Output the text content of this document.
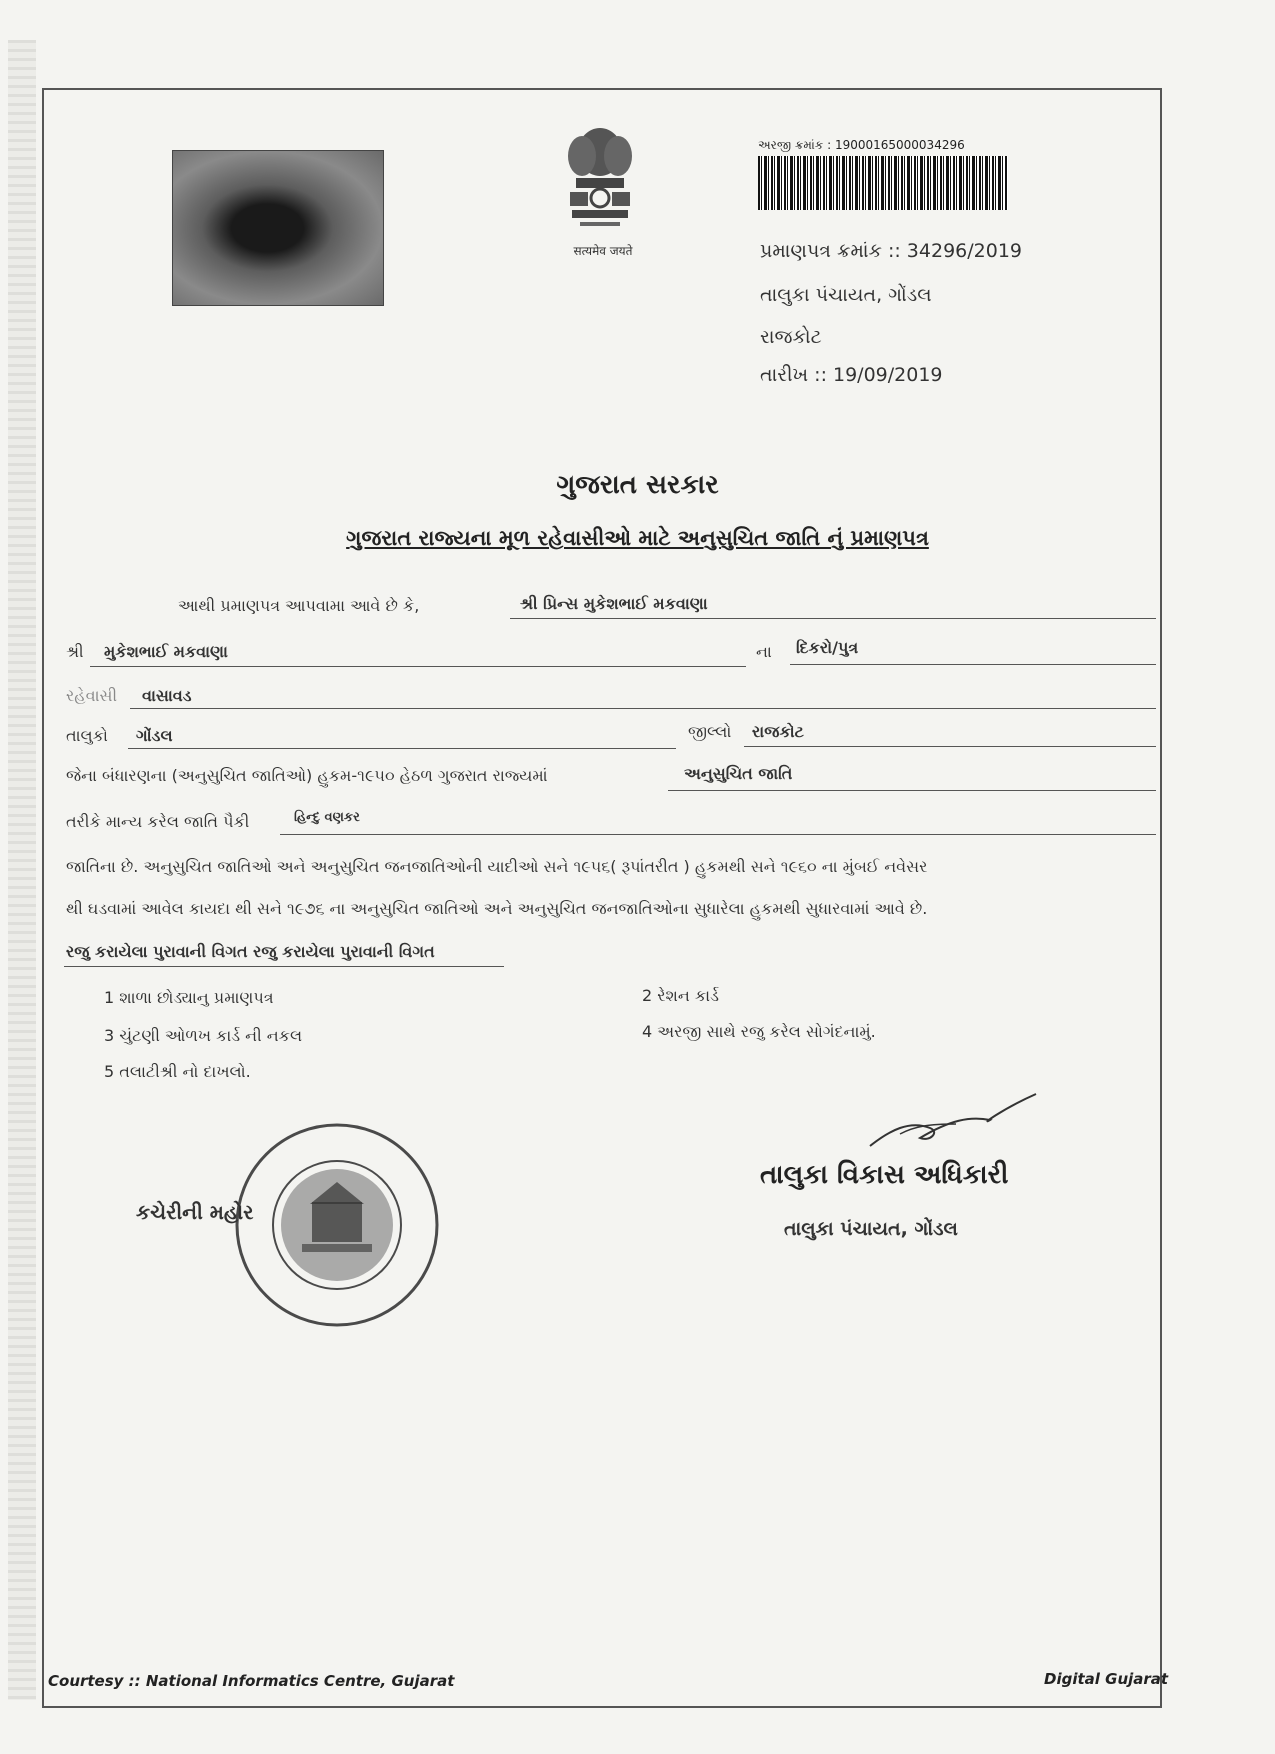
सत्यमेव जयते
અરજી ક્રમાંક : 19000165000034296
પ્રમાણપત્ર ક્રમાંક :: 34296/2019
તાલુકા પંચાયત, ગોંડલ
રાજકોટ
તારીખ :: 19/09/2019
ગુજરાત સરકાર
ગુજરાત રાજ્યના મૂળ રહેવાસીઓ માટે અનુસુચિત જાતિ નું પ્રમાણપત્ર
આથી પ્રમાણપત્ર આપવામા આવે છે કે,	શ્રી પ્રિન્સ મુકેશભાઈ મકવાણા
શ્રી મુકેશભાઈ મકવાણા	ના દિકરો/પુત્ર
રહેવાસી વાસાવડ
તાલુકો ગોંડલ	જીલ્લો રાજકોટ
જેના બંધારણના (અનુસુચિત જાતિઓ) હુકમ-૧૯૫૦ હેઠળ ગુજરાત રાજ્યમાં	અનુસુચિત જાતિ
તરીકે માન્ય કરેલ જાતિ પૈકી	હિન્દુ વણકર
જાતિના છે. અનુસુચિત જાતિઓ અને અનુસુચિત જનજાતિઓની યાદીઓ સને ૧૯૫૬( રૂપાંતરીત ) હુકમથી સને ૧૯૬૦ ના મુંબઈ નવેસર
થી ઘડવામાં આવેલ કાયદા થી સને ૧૯૭૬ ના અનુસુચિત જાતિઓ અને અનુસુચિત જનજાતિઓના સુધારેલા હુકમથી સુધારવામાં આવે છે.
રજુ કરાયેલા પુરાવાની વિગત રજુ કરાયેલા પુરાવાની વિગત
1 શાળા છોડ્યાનુ પ્રમાણપત્ર	2 રેશન કાર્ડ
3 ચુંટણી ઓળખ કાર્ડ ની નકલ	4 અરજી સાથે રજુ કરેલ સોગંદનામું.
5 તલાટીશ્રી નો દાખલો.
કચેરીની મહોર
તાલુકા વિકાસ અધિકારી
તાલુકા પંચાયત, ગોંડલ
Courtesy :: National Informatics Centre, Gujarat	Digital Gujarat
